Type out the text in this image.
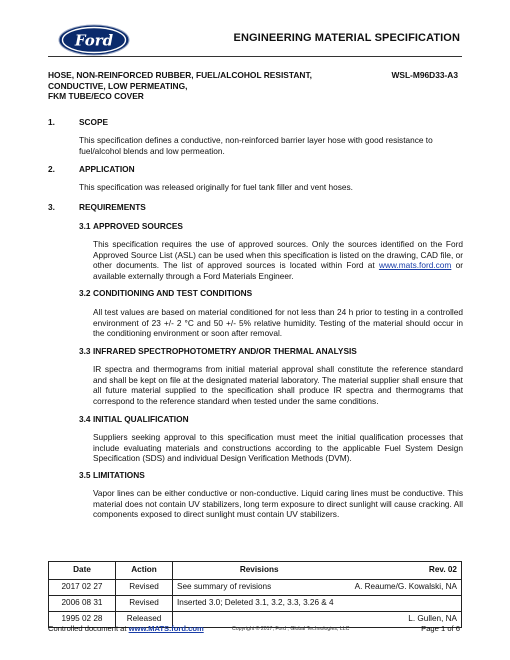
Ford	ENGINEERING MATERIAL SPECIFICATION
HOSE, NON-REINFORCED RUBBER, FUEL/ALCOHOL RESISTANT,
CONDUCTIVE, LOW PERMEATING,
FKM TUBE/ECO COVER
WSL-M96D33-A3
1.	SCOPE
This specification defines a conductive, non-reinforced barrier layer hose with good resistance to fuel/alcohol blends and low permeation.
2.	APPLICATION
This specification was released originally for fuel tank filler and vent hoses.
3.	REQUIREMENTS
3.1 APPROVED SOURCES
This specification requires the use of approved sources. Only the sources identified on the Ford Approved Source List (ASL) can be used when this specification is listed on the drawing, CAD file, or other documents. The list of approved sources is located within Ford at www.mats.ford.com or available externally through a Ford Materials Engineer.
3.2 CONDITIONING AND TEST CONDITIONS
All test values are based on material conditioned for not less than 24 h prior to testing in a controlled environment of 23 +/- 2 °C and 50 +/- 5% relative humidity. Testing of the material should occur in the conditioning environment or soon after removal.
3.3 INFRARED SPECTROPHOTOMETRY AND/OR THERMAL ANALYSIS
IR spectra and thermograms from initial material approval shall constitute the reference standard and shall be kept on file at the designated material laboratory. The material supplier shall ensure that all future material supplied to the specification shall produce IR spectra and thermograms that correspond to the reference standard when tested under the same conditions.
3.4 INITIAL QUALIFICATION
Suppliers seeking approval to this specification must meet the initial qualification processes that include evaluating materials and constructions according to the applicable Fuel System Design Specification (SDS) and individual Design Verification Methods (DVM).
3.5 LIMITATIONS
Vapor lines can be either conductive or non-conductive. Liquid caring lines must be conductive. This material does not contain UV stabilizers, long term exposure to direct sunlight will cause cracking. All components exposed to direct sunlight must contain UV stabilizers.
Date	Action	Revisions	Rev. 02
2017 02 27	Revised	See summary of revisions	A. Reaume/G. Kowalski, NA
2006 08 31	Revised	Inserted 3.0; Deleted 3.1, 3.2, 3.3, 3.26 & 4	
1995 02 28	Released		L. Gullen, NA
Controlled document at www.MATS.ford.com	Copyright © 2017, Ford ; Global Technologies, LLC	Page 1 of 6
